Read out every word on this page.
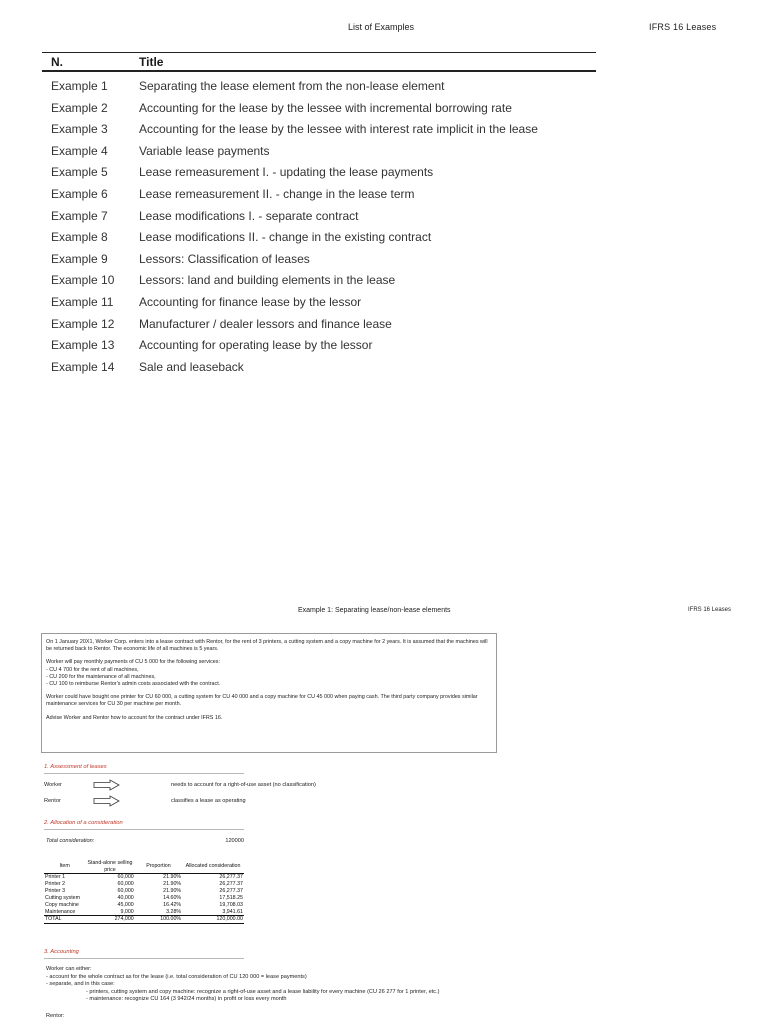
List of Examples	IFRS 16 Leases
N.	Title
Example 1	Separating the lease element from the non-lease element
Example 2	Accounting for the lease by the lessee with incremental borrowing rate
Example 3	Accounting for the lease by the lessee with interest rate implicit in the lease
Example 4	Variable lease payments
Example 5	Lease remeasurement I. - updating the lease payments
Example 6	Lease remeasurement II. - change in the lease term
Example 7	Lease modifications I. - separate contract
Example 8	Lease modifications II. - change in the existing contract
Example 9	Lessors: Classification of leases
Example 10 Lessors: land and building elements in the lease
Example 11 Accounting for finance lease by the lessor
Example 12 Manufacturer / dealer lessors and finance lease
Example 13 Accounting for operating lease by the lessor
Example 14 Sale and leaseback
Example 1: Separating lease/non-lease elements	IFRS 16 Leases

On 1 January 20X1, Worker Corp. enters into a lease contract with Rentor, for the rent of 3 printers, a cutting system and a copy machine for 2 years. It is assumed that the machines will be returned back to Rentor. The economic life of all machines is 5 years.

Worker will pay monthly payments of CU 5 000 for the following services:
- CU 4 700 for the rent of all machines,
- CU 200 for the maintenance of all machines,
- CU 100 to reimburse Rentor's admin costs associated with the contract.

Worker could have bought one printer for CU 60 000, a cutting system for CU 40 000 and a copy machine for CU 45 000 when paying cash. The third party company provides similar maintenance services for CU 30 per machine per month.

Advise Worker and Rentor how to account for the contract under IFRS 16.

1. Assessment of leases
Worker	needs to account for a right-of-use asset (no classification)
Rentor	classifies a lease as operating
2. Allocation of a consideration
Total consideration:	120000
Item	Stand-alone selling price	Proportion	Allocated consideration
Printer 1	60,000	21.90%	26,277.37
Printer 2	60,000	21.90%	26,277.37
Printer 3	60,000	21.90%	26,277.37
Cutting system	40,000	14.60%	17,518.25
Copy machine	45,000	16.42%	19,708.03
Maintenance	9,000	3.28%	3,941.61
TOTAL	274,000	100.00%	120,000.00
3. Accounting
Worker can either:
- account for the whole contract as for the lease (i.e. total consideration of CU 120 000 = lease payments)
- separate, and in this case:
- printers, cutting system and copy machine: recognize a right-of-use asset and a lease liability for every machine (CU 26 277 for 1 printer, etc.)
- maintenance: recognize CU 164 (3 942/24 months) in profit or loss every month
Rentor:
